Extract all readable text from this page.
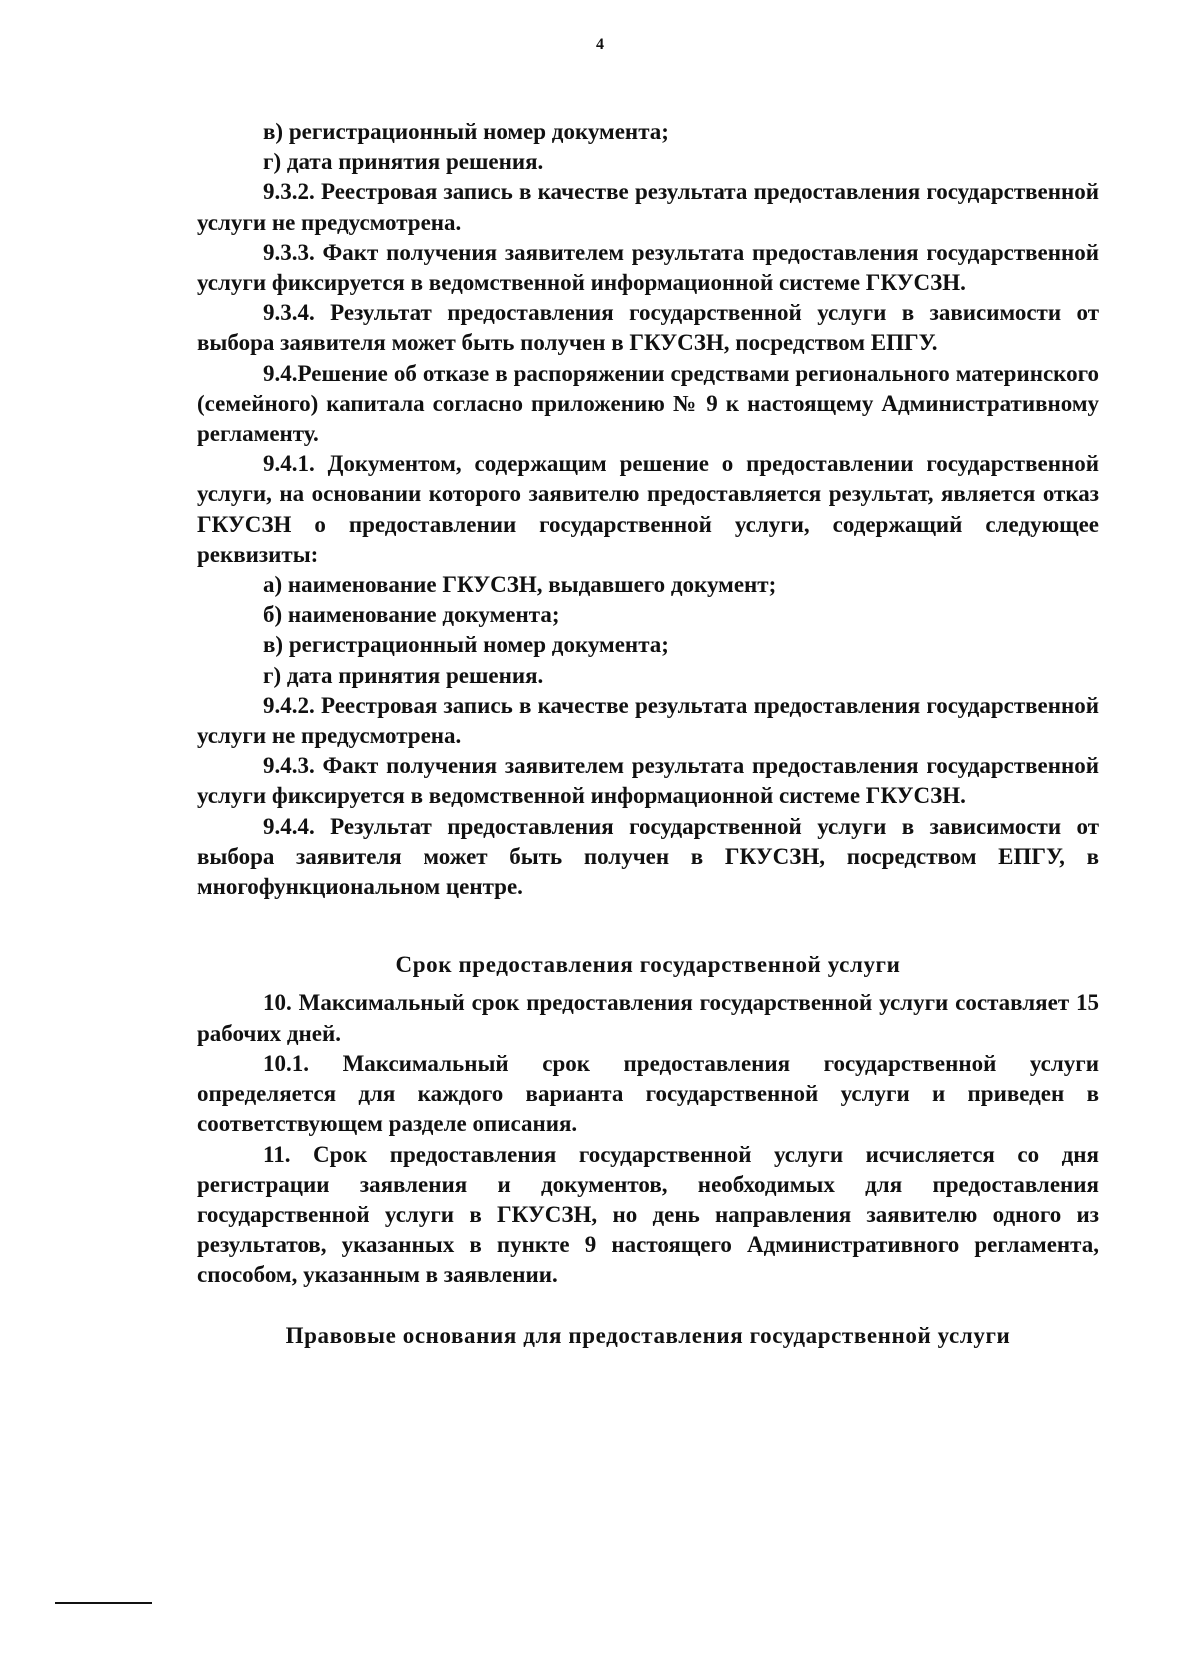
4

в) регистрационный номер документа;

г) дата принятия решения.

9.3.2. Реестровая запись в качестве результата предоставления государственной услуги не предусмотрена.

9.3.3. Факт получения заявителем результата предоставления государственной услуги фиксируется в ведомственной информационной системе ГКУСЗН.

9.3.4. Результат предоставления государственной услуги в зависимости от выбора заявителя может быть получен в ГКУСЗН, посредством ЕПГУ.

9.4.Решение об отказе в распоряжении средствами регионального материнского (семейного) капитала согласно приложению № 9 к настоящему Административному регламенту.

9.4.1. Документом, содержащим решение о предоставлении государственной услуги, на основании которого заявителю предоставляется результат, является отказ ГКУСЗН о предоставлении государственной услуги, содержащий следующее реквизиты:

а) наименование ГКУСЗН, выдавшего документ;

б) наименование документа;

в) регистрационный номер документа;

г) дата принятия решения.

9.4.2. Реестровая запись в качестве результата предоставления государственной услуги не предусмотрена.

9.4.3. Факт получения заявителем результата предоставления государственной услуги фиксируется в ведомственной информационной системе ГКУСЗН.

9.4.4. Результат предоставления государственной услуги в зависимости от выбора заявителя может быть получен в ГКУСЗН, посредством ЕПГУ, в многофункциональном центре.

Срок предоставления государственной услуги

10. Максимальный срок предоставления государственной услуги составляет 15 рабочих дней.

10.1. Максимальный срок предоставления государственной услуги определяется для каждого варианта государственной услуги и приведен в соответствующем разделе описания.

11. Срок предоставления государственной услуги исчисляется со дня регистрации заявления и документов, необходимых для предоставления государственной услуги в ГКУСЗН, но день направления заявителю одного из результатов, указанных в пункте 9 настоящего Административного регламента, способом, указанным в заявлении.

Правовые основания для предоставления государственной услуги
